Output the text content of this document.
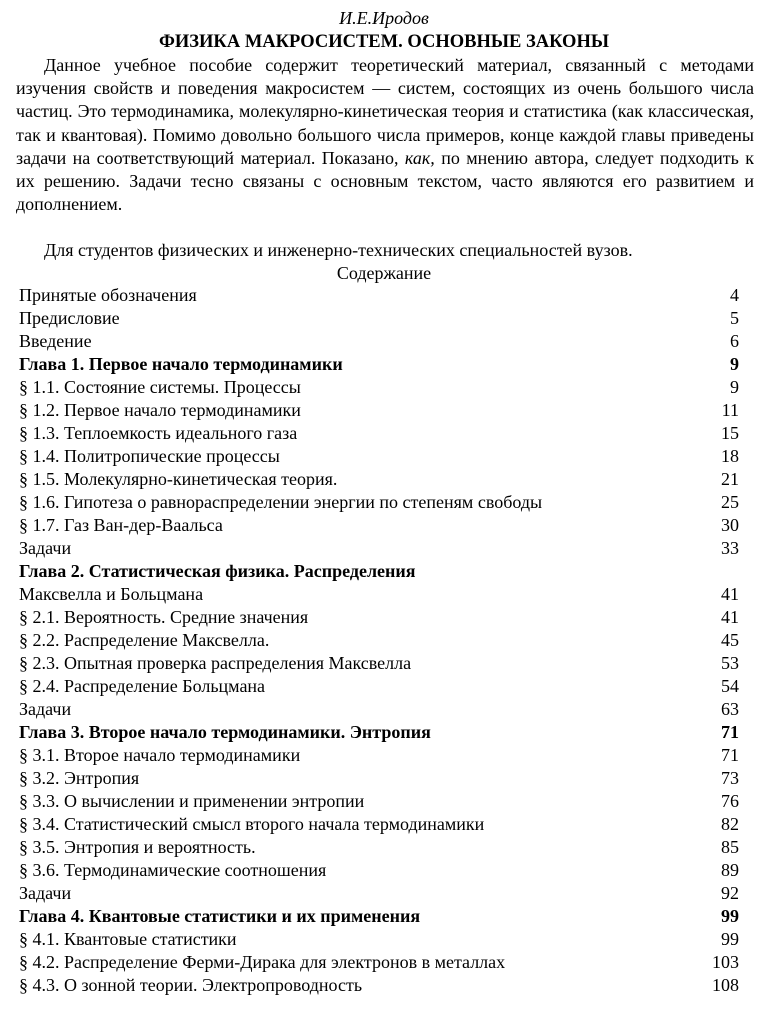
И.Е.Иродов
ФИЗИКА МАКРОСИСТЕМ. ОСНОВНЫЕ ЗАКОНЫ

Данное учебное пособие содержит теоретический материал, связанный с методами изучения свойств и поведения макросистем — систем, состоящих из очень большого числа частиц. Это термодинамика, молекулярно-кинетическая теория и статистика (как классическая, так и квантовая). Помимо довольно большого числа примеров, конце каждой главы приведены задачи на соответствующий материал. Показано, как, по мнению автора, следует подходить к их решению. Задачи тесно связаны с основным текстом, часто являются его развитием и дополнением.

Для студентов физических и инженерно-технических специальностей вузов.
Содержание
Принятые обозначения	4
Предисловие	5
Введение	6
Глава 1. Первое начало термодинамики	9
§ 1.1. Состояние системы. Процессы	9
§ 1.2. Первое начало термодинамики	11
§ 1.3. Теплоемкость идеального газа	15
§ 1.4. Политропические процессы	18
§ 1.5. Молекулярно-кинетическая теория.	21
§ 1.6. Гипотеза о равнораспределении энергии по степеням свободы	25
§ 1.7. Газ Ван-дер-Ваальса	30
Задачи	33
Глава 2. Статистическая физика. Распределения
Максвелла и Больцмана	41
§ 2.1. Вероятность. Средние значения	41
§ 2.2. Распределение Максвелла.	45
§ 2.3. Опытная проверка распределения Максвелла	53
§ 2.4. Распределение Больцмана	54
Задачи	63
Глава 3. Второе начало термодинамики. Энтропия	71
§ 3.1. Второе начало термодинамики	71
§ 3.2. Энтропия	73
§ 3.3. О вычислении и применении энтропии	76
§ 3.4. Статистический смысл второго начала термодинамики	82
§ 3.5. Энтропия и вероятность.	85
§ 3.6. Термодинамические соотношения	89
Задачи	92
Глава 4. Квантовые статистики и их применения	99
§ 4.1. Квантовые статистики	99
§ 4.2. Распределение Ферми-Дирака для электронов в металлах	103
§ 4.3. О зонной теории. Электропроводность	108
